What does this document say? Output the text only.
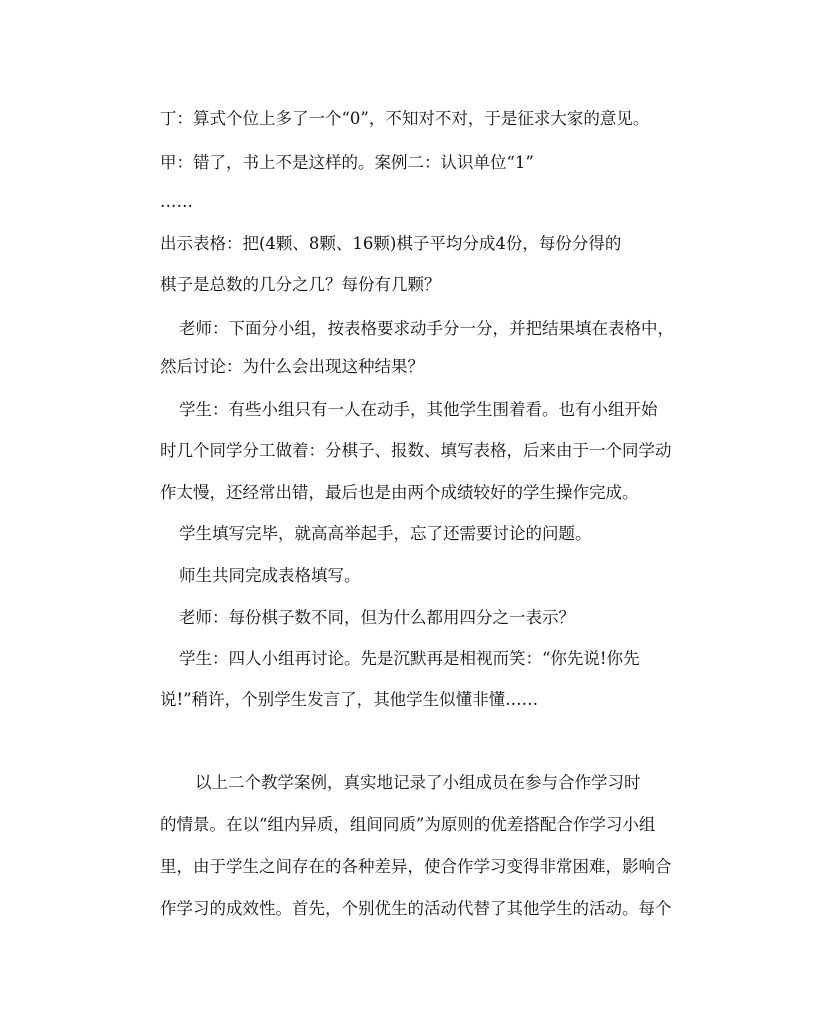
丁：算式个位上多了一个“0”，不知对不对，于是征求大家的意见。
甲：错了，书上不是这样的。案例二：认识单位“1”
……
出示表格：把(4颗、8颗、16颗)棋子平均分成4份，每份分得的
棋子是总数的几分之几？每份有几颗？
老师：下面分小组，按表格要求动手分一分，并把结果填在表格中，
然后讨论：为什么会出现这种结果？
学生：有些小组只有一人在动手，其他学生围着看。也有小组开始
时几个同学分工做着：分棋子、报数、填写表格，后来由于一个同学动
作太慢，还经常出错，最后也是由两个成绩较好的学生操作完成。
学生填写完毕，就高高举起手，忘了还需要讨论的问题。
师生共同完成表格填写。
老师：每份棋子数不同，但为什么都用四分之一表示？
学生：四人小组再讨论。先是沉默再是相视而笑：“你先说!你先
说!”稍许，个别学生发言了，其他学生似懂非懂……
以上二个教学案例，真实地记录了小组成员在参与合作学习时
的情景。在以“组内异质，组间同质”为原则的优差搭配合作学习小组
里，由于学生之间存在的各种差异，使合作学习变得非常困难，影响合
作学习的成效性。首先，个别优生的活动代替了其他学生的活动。每个
